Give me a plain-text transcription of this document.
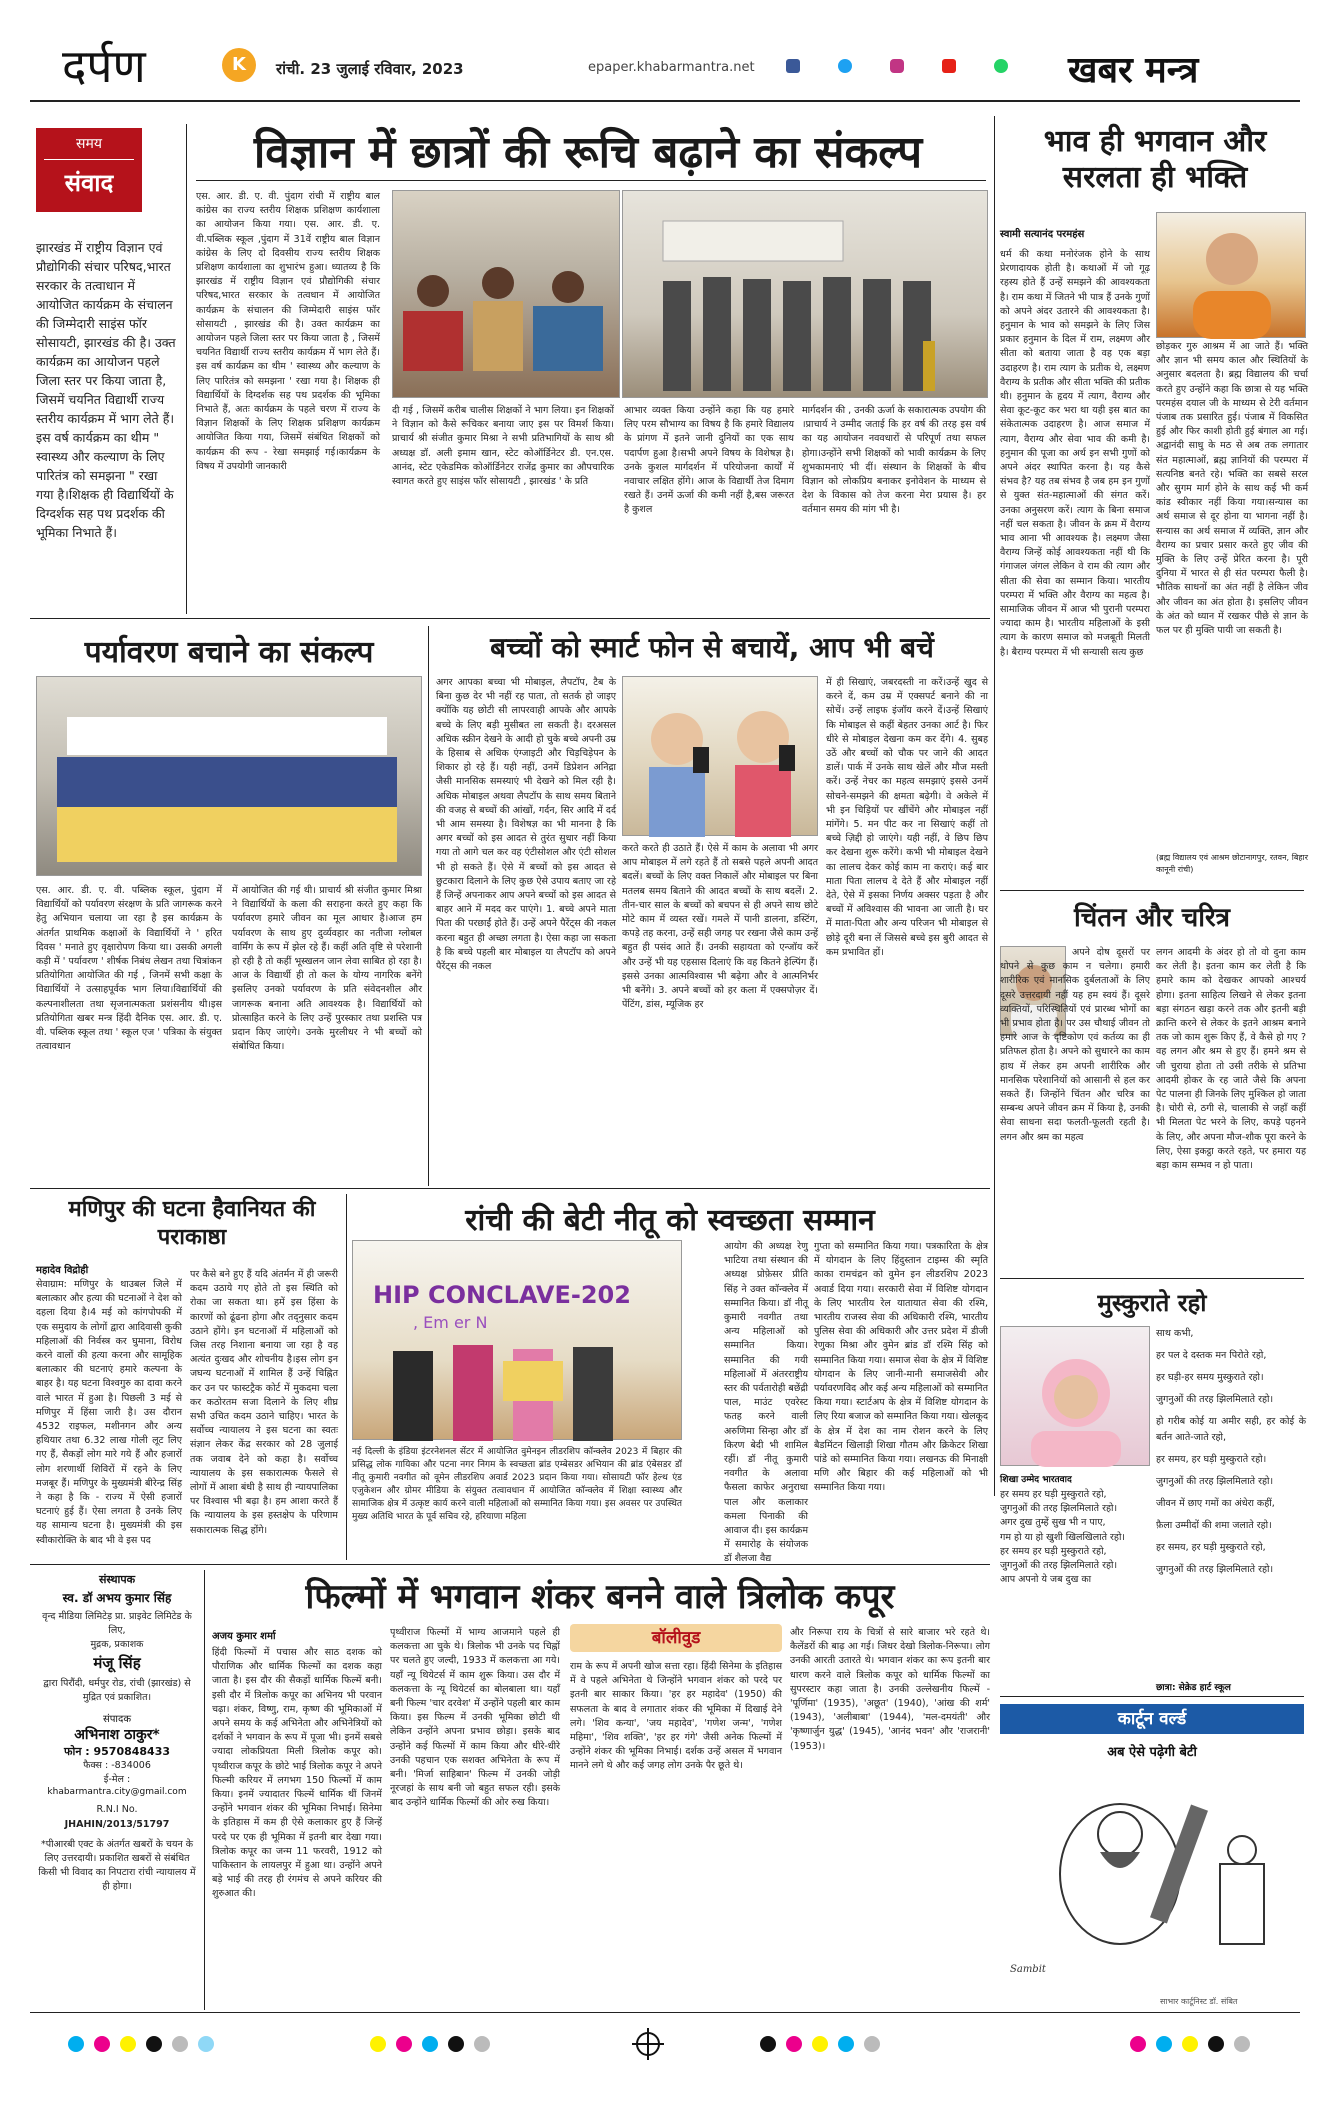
दर्पण	K	रांची. 23 जुलाई रविवार, 2023	epaper.khabarmantra.net	खबर मन्त्र
समय
संवाद
झारखंड में राष्ट्रीय विज्ञान एवं प्रौद्योगिकी संचार परिषद,भारत सरकार के तत्वाधान में आयोजित कार्यक्रम के संचालन की जिम्मेदारी साइंस फॉर सोसायटी, झारखंड की है। उक्त कार्यक्रम का आयोजन पहले जिला स्तर पर किया जाता है, जिसमें चयनित विद्यार्थी राज्य स्तरीय कार्यक्रम में भाग लेते हैं। इस वर्ष कार्यक्रम का थीम " स्वास्थ्य और कल्याण के लिए पारितंत्र को समझना " रखा गया है।शिक्षक ही विद्यार्थियों के दिग्दर्शक सह पथ प्रदर्शक की भूमिका निभाते हैं।
विज्ञान में छात्रों की रूचि बढ़ाने का संकल्प
एस. आर. डी. ए. वी. पुंदाग रांची में राष्ट्रीय बाल कांग्रेस का राज्य स्तरीय शिक्षक प्रशिक्षण कार्यशाला का आयोजन किया गया। एस. आर. डी. ए. वी.पब्लिक स्कूल ,पुंदाग में 31वें राष्ट्रीय बाल विज्ञान कांग्रेस के लिए दो दिवसीय राज्य स्तरीय शिक्षक प्रशिक्षण कार्यशाला का शुभारंभ हुआ। ध्यातव्य है कि झारखंड में राष्ट्रीय विज्ञान एवं प्रौद्योगिकी संचार परिषद,भारत सरकार के तत्वधान में आयोजित कार्यक्रम के संचालन की जिम्मेदारी साइंस फॉर सोसायटी , झारखंड की है। उक्त कार्यक्रम का आयोजन पहले जिला स्तर पर किया जाता है , जिसमें चयनित विद्यार्थी राज्य स्तरीय कार्यक्रम में भाग लेते हैं।इस वर्ष कार्यक्रम का थीम ' स्वास्थ्य और कल्याण के लिए पारितंत्र को समझना ' रखा गया है। शिक्षक ही विद्यार्थियों के दिग्दर्शक सह पथ प्रदर्शक की भूमिका निभाते हैं, अतः कार्यक्रम के पहले चरण में राज्य के विज्ञान शिक्षकों के लिए शिक्षक प्रशिक्षण कार्यक्रम आयोजित किया गया, जिसमें संबंधित शिक्षकों को कार्यक्रम की रूप - रेखा समझाई गई।कार्यक्रम के विषय में उपयोगी जानकारी
दी गई , जिसमें करीब चालीस शिक्षकों ने भाग लिया। इन शिक्षकों ने विज्ञान को कैसे रूचिकर बनाया जाए इस पर विमर्श किया। प्राचार्य श्री संजीत कुमार मिश्रा ने सभी प्रतिभागियों के साथ श्री अध्यक्ष डॉ. अली इमाम खान, स्टेट कोऑर्डिनेटर डी. एन.एस. आनंद, स्टेट एकेडमिक कोऑर्डिनेटर राजेंद्र कुमार का औपचारिक स्वागत करते हुए साइंस फॉर सोसायटी , झारखंड ' के प्रति
आभार व्यक्त किया उन्होंने कहा कि यह हमारे लिए परम सौभाग्य का विषय है कि हमारे विद्यालय के प्रांगण में इतने जानी दुनियों का एक साथ पदार्पण हुआ है।सभी अपने विषय के विशेषज्ञ है। उनके कुशल मार्गदर्शन में परियोजना कार्यों में नवाचार लक्षित होंगे। आज के विद्यार्थी तेज दिमाग रखते हैं। उनमें ऊर्जा की कमी नहीं है,बस जरूरत है कुशल
मार्गदर्शन की , उनकी ऊर्जा के सकारात्मक उपयोग की ।प्राचार्य ने उम्मीद जताई कि हर वर्ष की तरह इस वर्ष का यह आयोजन नववधारों से परिपूर्ण तथा सफल होगा।उन्होंने सभी शिक्षकों को भावी कार्यक्रम के लिए शुभकामनाएं भी दीं। संस्थान के शिक्षकों के बीच विज्ञान को लोकप्रिय बनाकर इनोवेशन के माध्यम से देश के विकास को तेज करना मेरा प्रयास है। हर वर्तमान समय की मांग भी है।
भाव ही भगवान और सरलता ही भक्ति
स्वामी सत्यानंद परमहंस
धर्म की कथा मनोरंजक होने के साथ प्रेरणादायक होती है। कथाओं में जो गूढ़ रहस्य होते हैं उन्हें समझने की आवश्यकता है। राम कथा में जितने भी पात्र हैं उनके गुणों को अपने अंदर उतारने की आवश्यकता है। हनुमान के भाव को समझने के लिए जिस प्रकार हनुमान के दिल में राम, लक्ष्मण और सीता को बताया जाता है वह एक बड़ा उदाहरण है। राम त्याग के प्रतीक थे, लक्ष्मण वैराग्य के प्रतीक और सीता भक्ति की प्रतीक थी। हनुमान के हृदय में त्याग, वैराग्य और सेवा कूट-कूट कर भरा था यही इस बात का संकेतात्मक उदाहरण है। आज समाज में त्याग, वैराग्य और सेवा भाव की कमी है। हनुमान की पूजा का अर्थ इन सभी गुणों को अपने अंदर स्थापित करना है। यह कैसे संभव है? यह तब संभव है जब हम इन गुणों से युक्त संत-महात्माओं की संगत करें। उनका अनुसरण करें। त्याग के बिना समाज नहीं चल सकता है। जीवन के क्रम में वैराग्य भाव आना भी आवश्यक है। लक्ष्मण जैसा वैराग्य जिन्हें कोई आवश्यकता नहीं थी कि गंगाजल जंगल लेकिन वे राम की त्याग और सीता की सेवा का सम्मान किया। भारतीय परम्परा में भक्ति और वैराग्य का महत्व है। सामाजिक जीवन में आज भी पुरानी परम्परा ज्यादा काम है। भारतीय महिलाओं के इसी त्याग के कारण समाज को मजबूती मिलती है। बैराग्य परम्परा में भी सन्यासी सत्य कुछ
छोड़कर गुरु आश्रम में आ जाते हैं। भक्ति और ज्ञान भी समय काल और स्थितियों के अनुसार बदलता है। ब्रह्म विद्यालय की चर्चा करते हुए उन्होंने कहा कि छात्रा से यह भक्ति परमहंस दयाल जी के माध्यम से टेरी वर्तमान पंजाब तक प्रसारित हुई। पंजाब में विकसित हुई और फिर काशी होती हुई बंगाल आ गई। अद्वानंदी साधु के मठ से अब तक लगातार संत महात्माओं, ब्रह्म ज्ञानियों की परम्परा में सत्यनिष्ठ बनते रहे। भक्ति का सबसे सरल और सुगम मार्ग होने के साथ कई भी कर्म कांड स्वीकार नहीं किया गया।सन्यास का अर्थ समाज से दूर होना या भागना नहीं है। सन्यास का अर्थ समाज में व्यक्ति, ज्ञान और वैराग्य का प्रचार प्रसार करते हुए जीव की मुक्ति के लिए उन्हें प्रेरित करना है। पूरी दुनिया में भारत से ही संत परम्परा फैली है। भौतिक साधनों का अंत नहीं है लेकिन जीव और जीवन का अंत होता है। इसलिए जीवन के अंत को ध्यान में रखकर पीछे से ज्ञान के फल पर ही मुक्ति पायी जा सकती है।
(ब्रह्म विद्यालय एवं आश्रम छोटानागपुर, रतवन, बिहार कानूनी रांची)
पर्यावरण बचाने का संकल्प
एस. आर. डी. ए. वी. पब्लिक स्कूल, पुंदाग में विद्यार्थियों को पर्यावरण संरक्षण के प्रति जागरूक करने हेतु अभियान चलाया जा रहा है इस कार्यक्रम के अंतर्गत प्राथमिक कक्षाओं के विद्यार्थियों ने ' हरित दिवस ' मनाते हुए वृक्षारोपण किया था। उसकी अगली कड़ी में ' पर्यावरण ' शीर्षक निबंध लेखन तथा चित्रांकन प्रतियोगिता आयोजित की गई , जिनमें सभी कक्षा के विद्यार्थियों ने उत्साहपूर्वक भाग लिया।विद्यार्थियों की कल्पनाशीलता तथा सृजनात्मकता प्रशंसनीय थी।इस प्रतियोगिता खबर मन्त्र हिंदी दैनिक एस. आर. डी. ए. वी. पब्लिक स्कूल तथा ' स्कूल एज ' पत्रिका के संयुक्त तत्वावधान
में आयोजित की गई थी। प्राचार्य श्री संजीत कुमार मिश्रा ने विद्यार्थियों के कला की सराहना करते हुए कहा कि पर्यावरण हमारे जीवन का मूल आधार है।आज हम पर्यावरण के साथ हुए दुर्व्यवहार का नतीजा ग्लोबल वार्मिंग के रूप में झेल रहे हैं। कहीं अति वृष्टि से परेशानी हो रही है तो कहीं भूस्खलन जान लेवा साबित हो रहा है।आज के विद्यार्थी ही तो कल के योग्य नागरिक बनेंगे इसलिए उनको पर्यावरण के प्रति संवेदनशील और जागरूक बनाना अति आवश्यक है। विद्यार्थियों को प्रोत्साहित करने के लिए उन्हें पुरस्कार तथा प्रशस्ति पत्र प्रदान किए जाएंगे। उनके मुरलीधर ने भी बच्चों को संबोधित किया।
बच्चों को स्मार्ट फोन से बचायें, आप भी बचें
अगर आपका बच्चा भी मोबाइल, लैपटॉप, टैब के बिना कुछ देर भी नहीं रह पाता, तो सतर्क हो जाइए क्योंकि यह छोटी सी लापरवाही आपके और आपके बच्चे के लिए बड़ी मुसीबत ला सकती है। दरअसल अधिक स्क्रीन देखने के आदी हो चुके बच्चे अपनी उम्र के हिसाब से अधिक एंग्जाइटी और चिड़चिड़ेपन के शिकार हो रहे हैं। यही नहीं, उनमें डिप्रेशन अनिद्रा जैसी मानसिक समस्याएं भी देखने को मिल रही है। अधिक मोबाइल अथवा लैपटॉप के साथ समय बिताने की वजह से बच्चों की आंखों, गर्दन, सिर आदि में दर्द भी आम समस्या है। विशेषज्ञ का भी मानना है कि अगर बच्चों को इस आदत से तुरंत सुधार नहीं किया गया तो आगे चल कर वह एंटीसोशल और एंटी सोशल भी हो सकते हैं। ऐसे में बच्चों को इस आदत से छुटकारा दिलाने के लिए कुछ ऐसे उपाय बताए जा रहे हैं जिन्हें अपनाकर आप अपने बच्चों को इस आदत से बाहर आने में मदद कर पाएंगे। 1. बच्चे अपने माता पिता की परछाईं होते हैं। उन्हें अपने पैरेंट्स की नकल करना बहुत ही अच्छा लगता है। ऐसा कहा जा सकता है कि बच्चे पहली बार मोबाइल या लैपटॉप को अपने पैरेंट्स की नकल
करते करते ही उठाते हैं। ऐसे में काम के अलावा भी अगर आप मोबाइल में लगे रहते हैं तो सबसे पहले अपनी आदत बदलें। बच्चों के लिए वक्त निकालें और मोबाइल पर बिना मतलब समय बिताने की आदत बच्चों के साथ बदलें। 2. तीन-चार साल के बच्चों को बचपन से ही अपने साथ छोटे मोटे काम में व्यस्त रखें। गमले में पानी डालना, डस्टिंग, कपड़े तह करना, उन्हें सही जगह पर रखना जैसे काम उन्हें बहुत ही पसंद आते हैं। उनकी सहायता को एन्जॉय करें और उन्हें भी यह एहसास दिलाएं कि वह कितने हेल्पिंग हैं। इससे उनका आत्मविश्वास भी बढ़ेगा और वे आत्मनिर्भर भी बनेंगे। 3. अपने बच्चों को हर कला में एक्सपोज़र दें। पेंटिंग, डांस, म्यूजिक हर
में ही सिखाएं, जबरदस्ती ना करें।उन्हें खुद से करने दें, कम उम्र में एक्सपर्ट बनाने की ना सोचें। उन्हें लाइफ इंजॉय करने दें।उन्हें सिखाएं कि मोबाइल से कहीं बेहतर उनका आर्ट है। फिर धीरे से मोबाइल देखना कम कर देंगे। 4. सुबह उठें और बच्चों को चौक पर जाने की आदत डालें। पार्क में उनके साथ खेलें और मौज मस्ती करें। उन्हें नेचर का महत्व समझाएं इससे उनमें सोचने-समझने की क्षमता बढ़ेगी। वे अकेले में भी इन चिड़ियों पर खींचेंगे और मोबाइल नहीं मांगेंगे। 5. मन पीट कर ना सिखाएं कहीं तो बच्चे ज़िद्दी हो जाएंगे। यही नहीं, वे छिप छिप कर देखना शुरू करेंगे। कभी भी मोबाइल देखने का लालच देकर कोई काम ना कराएं। कई बार माता पिता लालच दे देते हैं और मोबाइल नहीं देते, ऐसे में इसका निर्णय अक्सर पड़ता है और बच्चों में अविश्वास की भावना आ जाती है। घर में माता-पिता और अन्य परिजन भी मोबाइल से छोड़े दूरी बना लें जिससे बच्चे इस बुरी आदत से कम प्रभावित हों।
चिंतन और चरित्र
अपने दोष दूसरों पर थोपने से कुछ काम न चलेगा। हमारी शारीरिक एवं मानसिक दुर्बलताओं के लिए दूसरे उत्तरदायी नहीं यह हम स्वयं हैं। दूसरे व्यक्तियों, परिस्थितियों एवं प्रारब्ध भोगों का भी प्रभाव होता है। पर उस चौथाई जीवन तो हमारे आज के दृष्टिकोण एवं कर्तव्य का ही प्रतिफल होता है। अपने को सुधारने का काम हाथ में लेकर हम अपनी शारीरिक और मानसिक परेशानियों को आसानी से हल कर सकते हैं। जिन्होंने चिंतन और चरित्र का सम्बन्ध अपने जीवन क्रम में किया है, उनकी सेवा साधना सदा फलती-फूलती रहती है। लगन और श्रम का महत्व
लगन आदमी के अंदर हो तो वो दुना काम कर लेती है। इतना काम कर लेती है कि हमारे काम को देखकर आपको आश्चर्य होगा। इतना साहित्य लिखने से लेकर इतना बड़ा संगठन खड़ा करने तक और इतनी बड़ी क्रान्ति करने से लेकर के इतने आश्रम बनाने तक जो काम शुरू किए हैं, वे कैसे हो गए ? वह लगन और श्रम से हुए हैं। हमने श्रम से जी चुराया होता तो उसी तरीके से प्रतिभा आदमी होकर के रह जाते जैसे कि अपना पेट पालना ही जिनके लिए मुश्किल हो जाता है। चोरी से, ठगी से, चालाकी से जहाँ कहीं भी मिलता पेट भरने के लिए, कपड़े पहनने के लिए, और अपना मौज-शौक पूरा करने के लिए, ऐसा इकट्ठा करते रहते, पर हमारा यह बड़ा काम सम्भव न हो पाता।
मणिपुर की घटना हैवानियत की पराकाष्ठा
महादेव विद्रोही
सेवाग्राम: मणिपुर के थाउबल जिले में बलात्कार और हत्या की घटनाओं ने देश को दहला दिया है।4 मई को कांगपोपकी में एक समुदाय के लोगों द्वारा आदिवासी कुकी महिलाओं की निर्वस्त्र कर घुमाना, विरोध करने वालों की हत्या करना और सामूहिक बलात्कार की घटनाएं हमारे कल्पना के बाहर है। यह घटना विश्वगुरु का दावा करने वाले भारत में हुआ है। पिछली 3 मई से मणिपुर में हिंसा जारी है। उस दौरान 4532 राइफल, मशीनगन और अन्य हथियार तथा 6.32 लाख गोली लूट लिए गए हैं, सैकड़ों लोग मारे गये हैं और हजारों लोग शरणार्थी शिविरों में रहने के लिए मजबूर हैं। मणिपुर के मुख्यमंत्री बीरेन्द्र सिंह ने कहा है कि - राज्य में ऐसी हजारों घटनाएं हुई हैं। ऐसा लगता है उनके लिए यह सामान्य घटना है। मुख्यमंत्री की इस स्वीकारोक्ति के बाद भी वे इस पद
पर कैसे बने हुए हैं यदि अंतर्मन में ही जरूरी कदम उठाये गए होते तो इस स्थिति को रोका जा सकता था। हमें इस हिंसा के कारणों को ढूंढना होगा और तद्नुसार कदम उठाने होंगे। इन घटनाओं में महिलाओं को जिस तरह निशाना बनाया जा रहा है वह अत्यंत दुःखद और शोचनीय है।इस लोग इन जघन्य घटनाओं में शामिल हैं उन्हें चिह्नित कर उन पर फास्टट्रैक कोर्ट में मुकदमा चला कर कठोरतम सजा दिलाने के लिए शीघ्र सभी उचित कदम उठाने चाहिए। भारत के सर्वोच्च न्यायालय ने इस घटना का स्वतः संज्ञान लेकर केंद्र सरकार को 28 जुलाई तक जवाब देने को कहा है। सर्वोच्च न्यायालय के इस सकारात्मक फैसले से लोगों में आशा बंधी है साथ ही न्यायपालिका पर विश्वास भी बढ़ा है। हम आशा करते हैं कि न्यायालय के इस हस्तक्षेप के परिणाम सकारात्मक सिद्ध होंगे।
रांची की बेटी नीतू को स्वच्छता सम्मान
HIP CONCLAVE-202
, Em er N
नई दिल्ली के इंडिया इंटरनेशनल सेंटर में आयोजित वुमेनइन लीडरशिप कॉन्क्लेव 2023 में बिहार की प्रसिद्ध लोक गायिका और पटना नगर निगम के स्वच्छता ब्रांड एम्बेसडर अभियान की ब्रांड एंबेसडर डॉ नीतू कुमारी नवगीत को वूमेन लीडरशिप अवार्ड 2023 प्रदान किया गया। सोसायटी फॉर हेल्थ एंड एजुकेशन और ग्रोमर मीडिया के संयुक्त तत्वावधान में आयोजित कॉन्क्लेव में शिक्षा स्वास्थ्य और सामाजिक क्षेत्र में उत्कृष्ट कार्य करने वाली महिलाओं को सम्मानित किया गया। इस अवसर पर उपस्थित मुख्य अतिथि भारत के पूर्व सचिव रहे, हरियाणा महिला
आयोग की अध्यक्ष रेणु भाटिया तथा संस्थान की अध्यक्ष प्रोफ़ेसर प्रीति सिंह ने उक्त कॉन्क्लेव में सम्मानित किया। डॉ नीतू कुमारी नवगीत तथा अन्य महिलाओं को सम्मानित किया। सम्मानित की गयी महिलाओं में अंतरराष्ट्रीय स्तर की पर्वतारोही बछेंद्री पाल, माउंट एवरेस्ट फतह करने वाली अरुणिमा सिन्हा और डॉ किरण बेदी भी शामिल रहीं। डॉ नीतू कुमारी नवगीत के अलावा फैसला काफेर अनुराधा पाल और कलाकार कमला पिनाकी की आवाज दी। इस कार्यक्रम में समारोह के संयोजक डॉ शैलजा वैद्य
गुप्ता को सम्मानित किया गया। पत्रकारिता के क्षेत्र में योगदान के लिए हिंदुस्तान टाइम्स की स्मृति काका रामचंद्रन को वुमेन इन लीडरशिप 2023 अवार्ड दिया गया। सरकारी सेवा में विशिष्ट योगदान के लिए भारतीय रेल यातायात सेवा की रश्मि, भारतीय राजस्व सेवा की अधिकारी रश्मि, भारतीय पुलिस सेवा की अधिकारी और उत्तर प्रदेश में डीजी रेणुका मिश्रा और वुमेन ब्रांड डॉ रश्मि सिंह को सम्मानित किया गया। समाज सेवा के क्षेत्र में विशिष्ट योगदान के लिए जानी-मानी समाजसेवी और पर्यावरणविद और कई अन्य महिलाओं को सम्मानित किया गया। स्टार्टअप के क्षेत्र में विशिष्ट योगदान के लिए रिया बजाज को सम्मानित किया गया। खेलकूद के क्षेत्र में देश का नाम रोशन करने के लिए बैडमिंटन खिलाड़ी शिखा गौतम और क्रिकेटर शिखा पांडे को सम्मानित किया गया। लखनऊ की मिनाक्षी मणि और बिहार की कई महिलाओं को भी सम्मानित किया गया।
मुस्कुराते रहो
शिखा उम्मेद भारतवाद
हर समय हर घड़ी मुस्कुराते रहो,
जुगनुओं की तरह झिलमिलाते रहो।
अगर दुख तुम्हें सुख भी न पाए,
गम हो या हो खुशी खिलखिलाते रहो।
हर समय हर घड़ी मुस्कुराते रहो,
जुगनुओं की तरह झिलमिलाते रहो।
आप अपनो ये जब दुख का
साथ कभी,
हर पल दे दस्तक मन पिरोते रहो,
हर घड़ी-हर समय मुस्कुराते रहो।
जुगनुओं की तरह झिलमिलाते रहो।
हो गरीब कोई या अमीर सही, हर कोई के बर्तन आते-जाते रहो,
हर समय, हर घड़ी मुस्कुराते रहो।
जुगनुओं की तरह झिलमिलाते रहो।
जीवन में छाए गमों का अंधेरा कहीं,
फ़ैला उम्मीदों की शमा जलाते रहो।
हर समय, हर घड़ी मुस्कुराते रहो,
जुगनुओं की तरह झिलमिलाते रहो।
छात्रा: सेक्रेड हार्ट स्कूल
संस्थापक
स्व. डॉ अभय कुमार सिंह
वृन्द मीडिया लिमिटेड़ प्रा. प्राइवेट लिमिटेड के लिए,
मुद्रक, प्रकाशक
मंजू सिंह
द्वारा पिरौंदी, धर्मपुर रोड, रांची (झारखंड) से मुद्रित एवं प्रकाशित।
संपादक
अभिनाश ठाकुर*
फोन : 9570848433
फैक्स : -834006
ई-मेल :
khabarmantra.city@gmail.com
R.N.I No.
JHAHIN/2013/51797
*पीआरबी एक्ट के अंतर्गत खबरों के चयन के लिए उत्तरदायी। प्रकाशित खबरों से संबंधित किसी भी विवाद का निपटारा रांची न्यायालय में ही होगा।
फिल्मों में भगवान शंकर बनने वाले त्रिलोक कपूर
अजय कुमार शर्मा
हिंदी फिल्मों में पचास और साठ दशक को पौराणिक और धार्मिक फिल्मों का दशक कहा जाता है। इस दौर की सैकड़ों धार्मिक फिल्में बनी। इसी दौर में त्रिलोक कपूर का अभिनय भी परवान चढ़ा। शंकर, विष्णु, राम, कृष्ण की भूमिकाओं में अपने समय के कई अभिनेता और अभिनेत्रियों को दर्शकों ने भगवान के रूप में पूजा भी। इनमें सबसे ज्यादा लोकप्रियता मिली त्रिलोक कपूर को। पृथ्वीराज कपूर के छोटे भाई त्रिलोक कपूर ने अपने फिल्मी करियर में लगभग 150 फिल्मों में काम किया। इनमें ज्यादातर फिल्में धार्मिक थीं जिनमें उन्होंने भगवान शंकर की भूमिका निभाई। सिनेमा के इतिहास में कम ही ऐसे कलाकार हुए हैं जिन्हें परदे पर एक ही भूमिका में इतनी बार देखा गया। त्रिलोक कपूर का जन्म 11 फरवरी, 1912 को पाकिस्तान के लायलपुर में हुआ था। उन्होंने अपने बड़े भाई की तरह ही रंगमंच से अपने करियर की शुरुआत की।
पृथ्वीराज फिल्मों में भाग्य आजमाने पहले ही कलकत्ता आ चुके थे। त्रिलोक भी उनके पद चिह्नों पर चलते हुए जल्दी, 1933 में कलकत्ता आ गये। यहाँ न्यू थियेटर्स में काम शुरू किया। उस दौर में कलकत्ता के न्यू थियेटर्स का बोलबाला था। यहाँ बनी फिल्म 'चार दरवेश' में उन्होंने पहली बार काम किया। इस फिल्म में उनकी भूमिका छोटी थी लेकिन उन्होंने अपना प्रभाव छोड़ा। इसके बाद उन्होंने कई फिल्मों में काम किया और धीरे-धीरे उनकी पहचान एक सशक्त अभिनेता के रूप में बनी। 'मिर्जा साहिबान' फिल्म में उनकी जोड़ी नूरजहां के साथ बनी जो बहुत सफल रही। इसके बाद उन्होंने धार्मिक फिल्मों की ओर रुख किया।
बॉलीवुड
राम के रूप में अपनी खोज सत्ता रहा। हिंदी सिनेमा के इतिहास में वे पहले अभिनेता थे जिन्होंने भगवान शंकर को परदे पर इतनी बार साकार किया। 'हर हर महादेव' (1950) की सफलता के बाद वे लगातार शंकर की भूमिका में दिखाई देने लगे। 'शिव कन्या', 'जय महादेव', 'गणेश जन्म', 'गणेश महिमा', 'शिव शक्ति', 'हर हर गंगे' जैसी अनेक फिल्मों में उन्होंने शंकर की भूमिका निभाई। दर्शक उन्हें असल में भगवान मानने लगे थे और कई जगह लोग उनके पैर छूते थे।
और निरूपा राय के चित्रों से सारे बाजार भरे रहते थे। कैलेंडरों की बाढ़ आ गई। जिधर देखो त्रिलोक-निरूपा। लोग उनकी आरती उतारते थे। भगवान शंकर का रूप इतनी बार धारण करने वाले त्रिलोक कपूर को धार्मिक फिल्मों का सुपरस्टार कहा जाता है। उनकी उल्लेखनीय फिल्में - 'पूर्णिमा' (1935), 'अछूत' (1940), 'आंख की शर्म' (1943), 'अलीबाबा' (1944), 'मल-दमयंती' और 'कृष्णार्जुन युद्ध' (1945), 'आनंद भवन' और 'राजरानी' (1953)।
कार्टून वर्ल्ड
अब ऐसे पढ़ेगी बेटी
Sambit
साभार कार्टूनिस्ट डॉ. संबित
